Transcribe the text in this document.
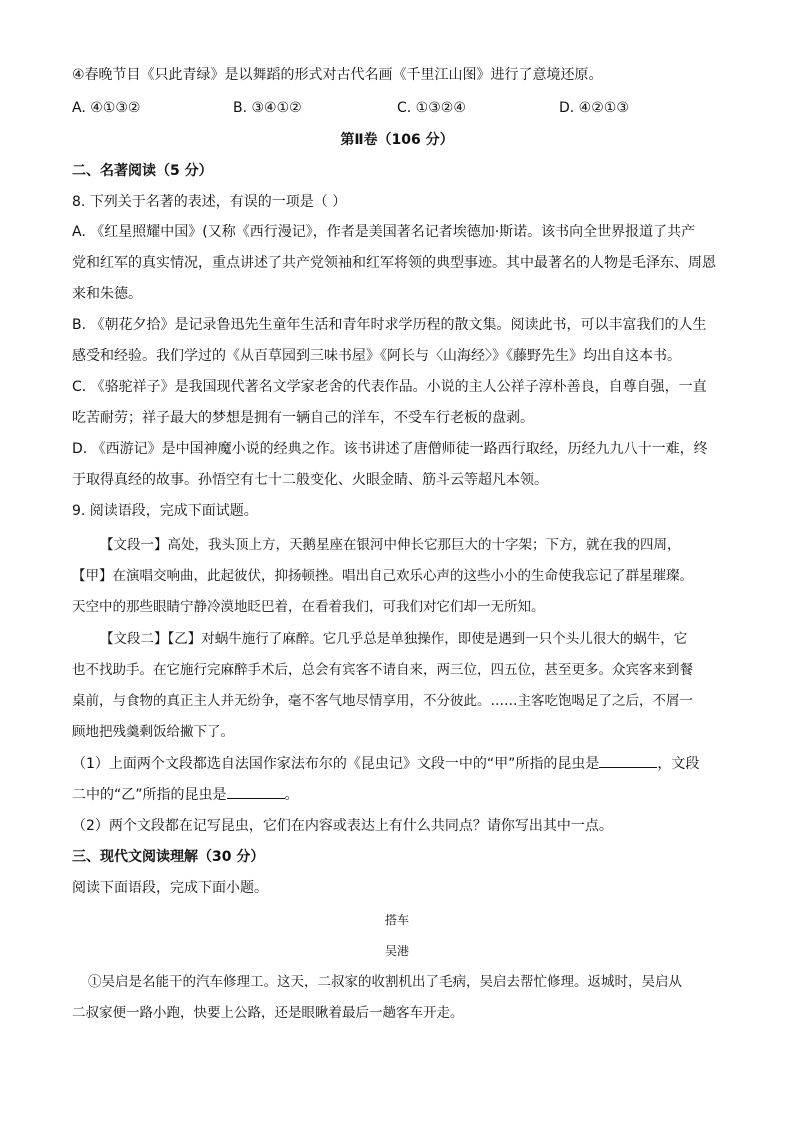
④春晚节目《只此青绿》是以舞蹈的形式对古代名画《千里江山图》进行了意境还原。
A. ④①③②	B. ③④①②	C. ①③②④	D. ④②①③
第Ⅱ卷（106 分）
二、名著阅读（5 分）
8. 下列关于名著的表述，有误的一项是（ ）
A. 《红星照耀中国》(又称《西行漫记》，作者是美国著名记者埃德加·斯诺。该书向全世界报道了共产
党和红军的真实情况，重点讲述了共产党领袖和红军将领的典型事迹。其中最著名的人物是毛泽东、周恩
来和朱德。
B. 《朝花夕拾》是记录鲁迅先生童年生活和青年时求学历程的散文集。阅读此书，可以丰富我们的人生
感受和经验。我们学过的《从百草园到三味书屋》《阿长与〈山海经〉》《藤野先生》均出自这本书。
C. 《骆驼祥子》是我国现代著名文学家老舍的代表作品。小说的主人公祥子淳朴善良，自尊自强，一直
吃苦耐劳；祥子最大的梦想是拥有一辆自己的洋车，不受车行老板的盘剥。
D. 《西游记》是中国神魔小说的经典之作。该书讲述了唐僧师徒一路西行取经，历经九九八十一难，终
于取得真经的故事。孙悟空有七十二般变化、火眼金睛、筋斗云等超凡本领。
9. 阅读语段，完成下面试题。
【文段一】高处，我头顶上方，天鹅星座在银河中伸长它那巨大的十字架；下方，就在我的四周，
【甲】在演唱交响曲，此起彼伏，抑扬顿挫。唱出自己欢乐心声的这些小小的生命使我忘记了群星璀璨。
天空中的那些眼睛宁静冷漠地眨巴着，在看着我们，可我们对它们却一无所知。
【文段二】【乙】对蜗牛施行了麻醉。它几乎总是单独操作，即使是遇到一只个头儿很大的蜗牛，它
也不找助手。在它施行完麻醉手术后，总会有宾客不请自来，两三位，四五位，甚至更多。众宾客来到餐
桌前，与食物的真正主人并无纷争，毫不客气地尽情享用，不分彼此。……主客吃饱喝足了之后，不屑一
顾地把残羹剩饭给撇下了。
（1）上面两个文段都选自法国作家法布尔的《昆虫记》文段一中的“甲”所指的昆虫是	，文段
二中的“乙”所指的昆虫是	。
（2）两个文段都在记写昆虫，它们在内容或表达上有什么共同点？请你写出其中一点。
三、现代文阅读理解（30 分）
阅读下面语段，完成下面小题。
搭车
吴港
①吴启是名能干的汽车修理工。这天，二叔家的收割机出了毛病，吴启去帮忙修理。返城时，吴启从
二叔家便一路小跑，快要上公路，还是眼瞅着最后一趟客车开走。
